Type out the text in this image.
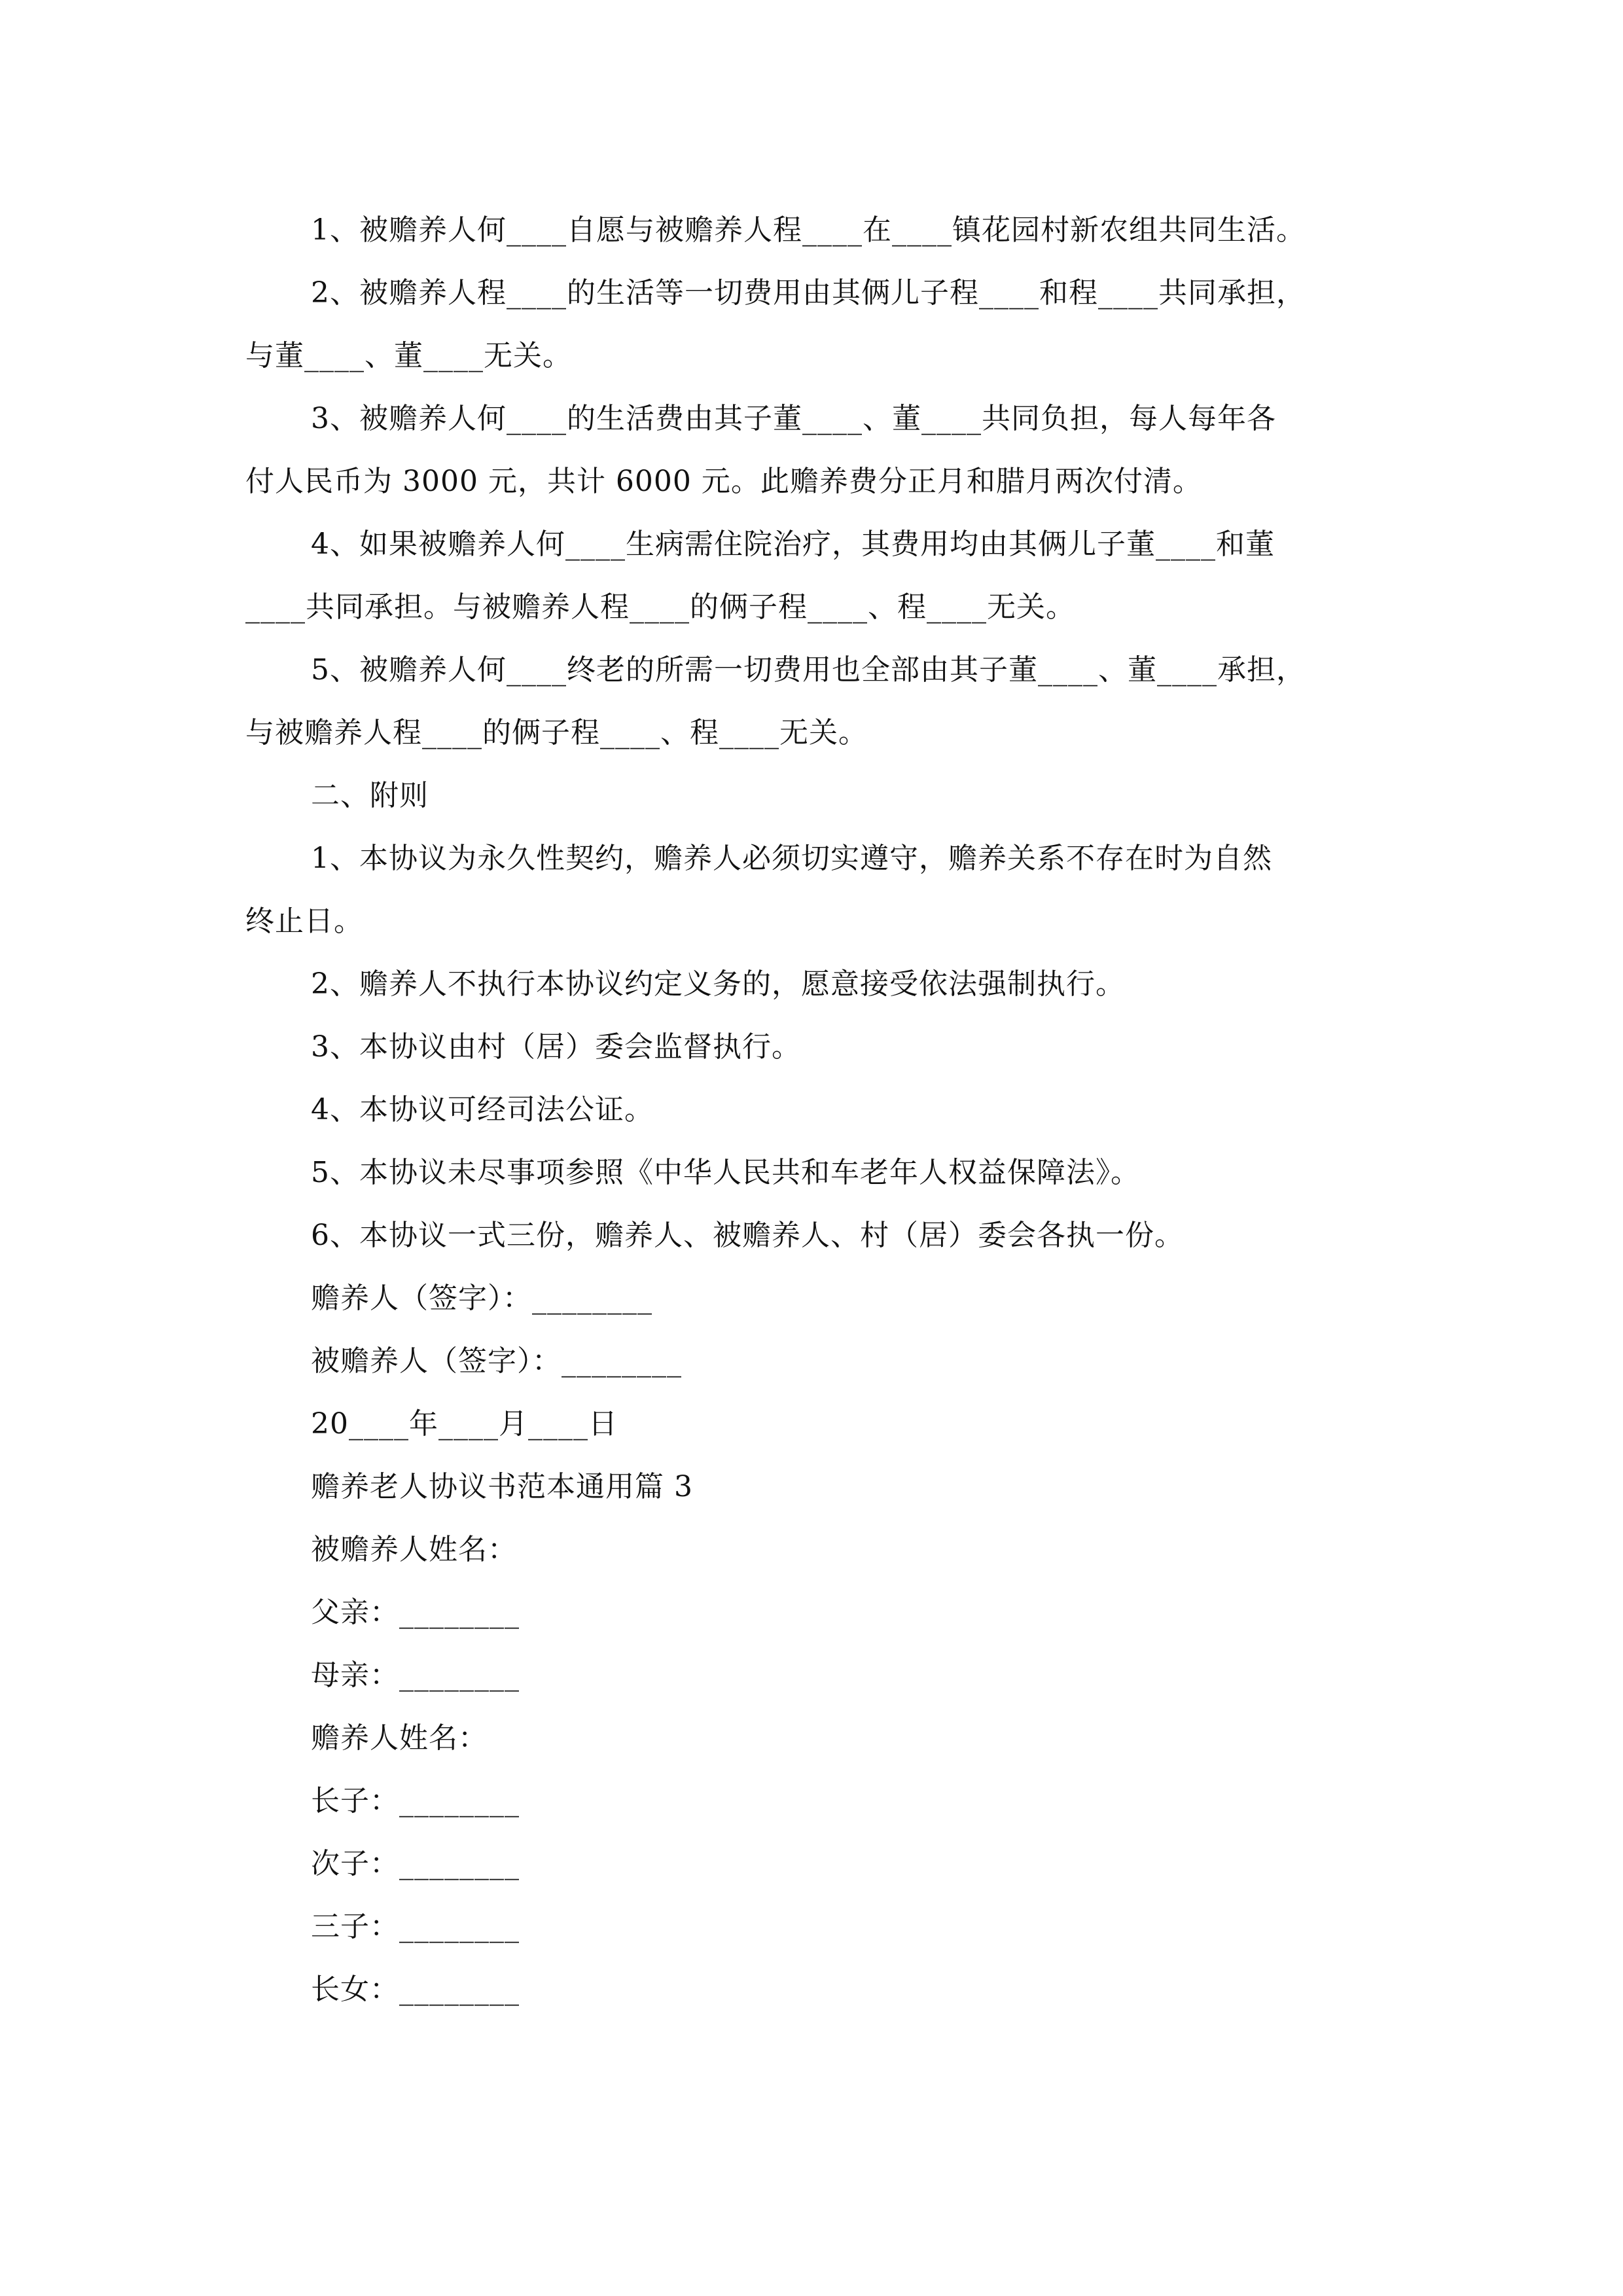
1、被赡养人何____自愿与被赡养人程____在____镇花园村新农组共同生活。
2、被赡养人程____的生活等一切费用由其俩儿子程____和程____共同承担，
与董____、董____无关。
3、被赡养人何____的生活费由其子董____、董____共同负担，每人每年各
付人民币为 3000 元，共计 6000 元。此赡养费分正月和腊月两次付清。
4、如果被赡养人何____生病需住院治疗，其费用均由其俩儿子董____和董
____共同承担。与被赡养人程____的俩子程____、程____无关。
5、被赡养人何____终老的所需一切费用也全部由其子董____、董____承担，
与被赡养人程____的俩子程____、程____无关。
二、附则
1、本协议为永久性契约，赡养人必须切实遵守，赡养关系不存在时为自然
终止日。
2、赡养人不执行本协议约定义务的，愿意接受依法强制执行。
3、本协议由村（居）委会监督执行。
4、本协议可经司法公证。
5、本协议未尽事项参照《中华人民共和车老年人权益保障法》。
6、本协议一式三份，赡养人、被赡养人、村（居）委会各执一份。
赡养人（签字）：________
被赡养人（签字）：________
20____年____月____日
赡养老人协议书范本通用篇 3
被赡养人姓名：
父亲：________
母亲：________
赡养人姓名：
长子：________
次子：________
三子：________
长女：________
